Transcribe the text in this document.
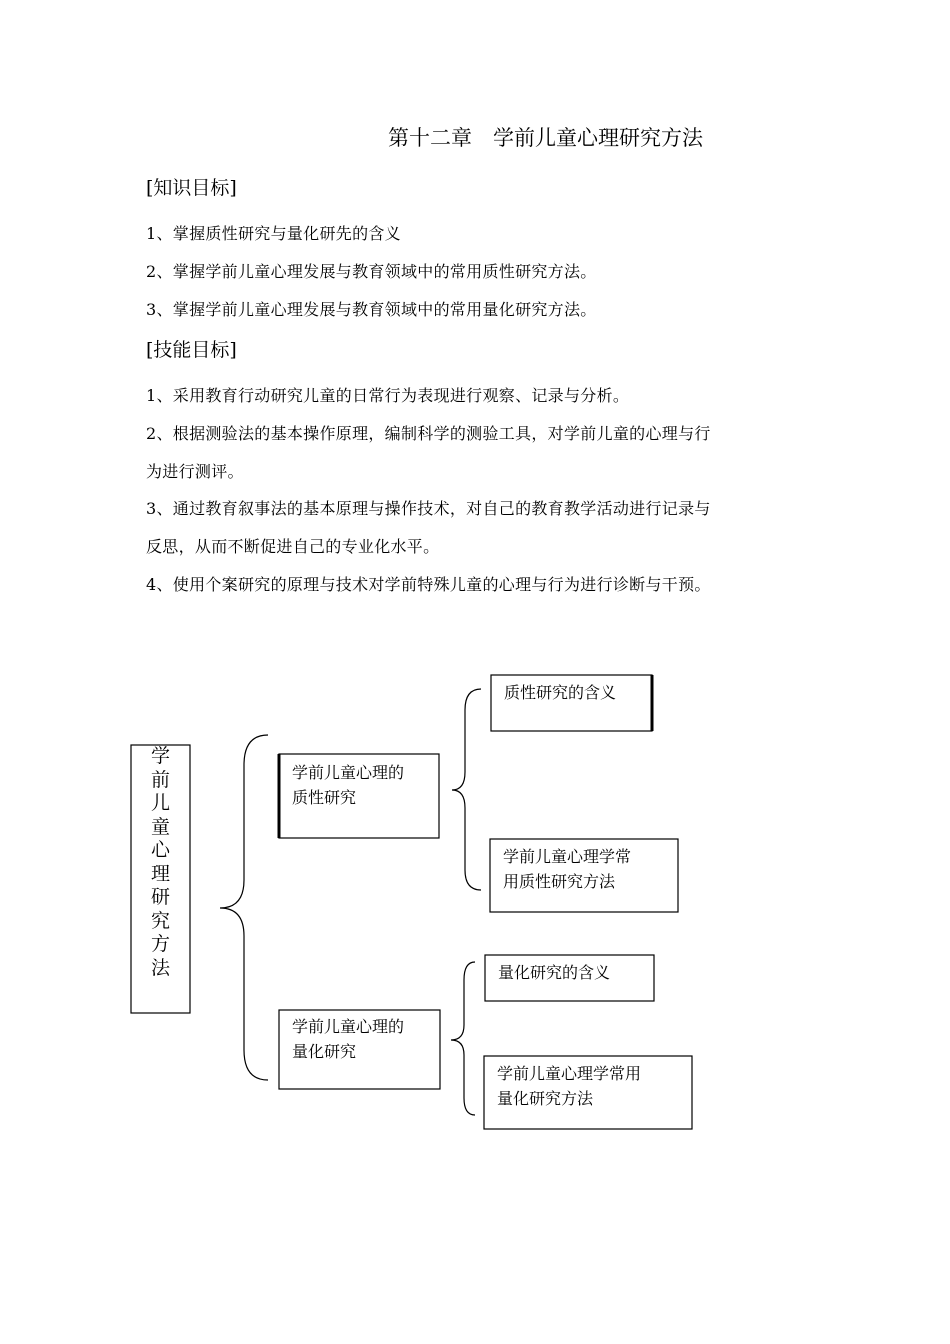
第十二章　学前儿童心理研究方法
[知识目标]
1、掌握质性研究与量化研先的含义
2、掌握学前儿童心理发展与教育领域中的常用质性研究方法。
3、掌握学前儿童心理发展与教育领域中的常用量化研究方法。
[技能目标]
1、采用教育行动研究儿童的日常行为表现进行观察、记录与分析。
2、根据测验法的基本操作原理，编制科学的测验工具，对学前儿童的心理与行
为进行测评。
3、通过教育叙事法的基本原理与操作技术，对自己的教育教学活动进行记录与
反思，从而不断促进自己的专业化水平。
4、使用个案研究的原理与技术对学前特殊儿童的心理与行为进行诊断与干预。
学
前
儿
童
心
理
研
究
方
法
学前儿童心理的
质性研究
质性研究的含义
学前儿童心理学常
用质性研究方法
学前儿童心理的
量化研究
量化研究的含义
学前儿童心理学常用
量化研究方法
